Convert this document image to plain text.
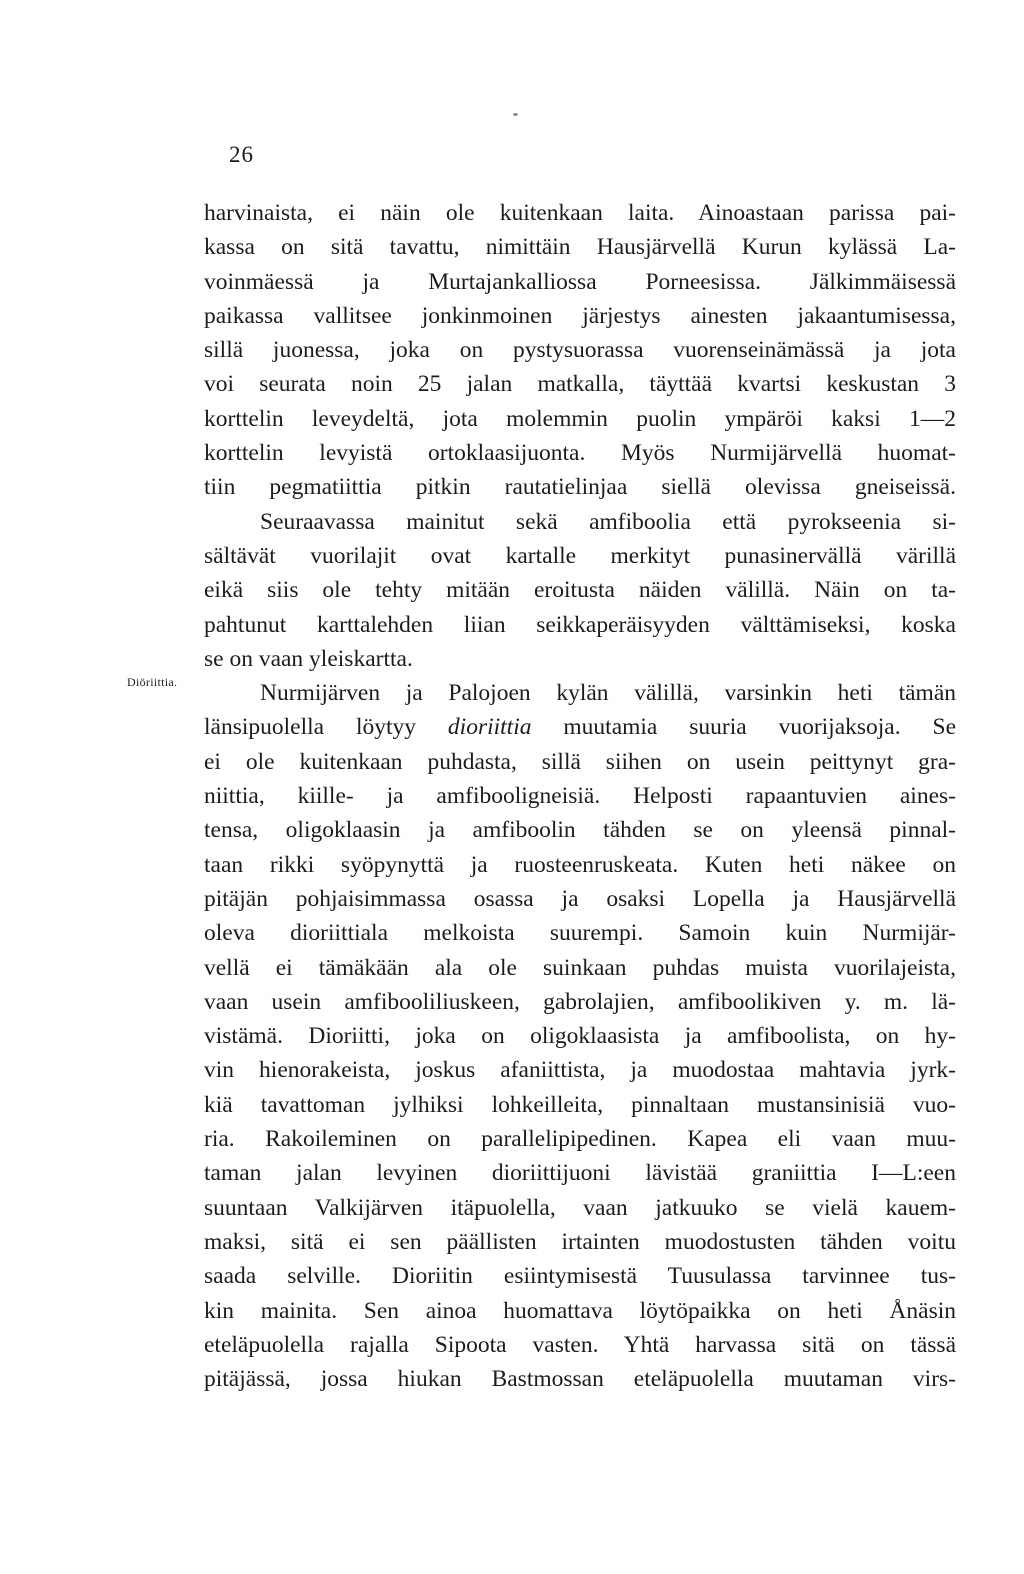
26
Diöriittia.
harvinaista, ei näin ole kuitenkaan laita. Ainoastaan parissa pai-
kassa on sitä tavattu, nimittäin Hausjärvellä Kurun kylässä La-
voinmäessä ja Murtajankalliossa Porneesissa. Jälkimmäisessä
paikassa vallitsee jonkinmoinen järjestys ainesten jakaantumisessa,
sillä juonessa, joka on pystysuorassa vuorenseinämässä ja jota
voi seurata noin 25 jalan matkalla, täyttää kvartsi keskustan 3
korttelin leveydeltä, jota molemmin puolin ympäröi kaksi 1—2
korttelin levyistä ortoklaasijuonta. Myös Nurmijärvellä huomat-
tiin pegmatiittia pitkin rautatielinjaa siellä olevissa gneiseissä.
Seuraavassa mainitut sekä amfiboolia että pyrokseenia si-
sältävät vuorilajit ovat kartalle merkityt punasinervällä värillä
eikä siis ole tehty mitään eroitusta näiden välillä. Näin on ta-
pahtunut karttalehden liian seikkaperäisyyden välttämiseksi, koska
se on vaan yleiskartta.
Nurmijärven ja Palojoen kylän välillä, varsinkin heti tämän
länsipuolella löytyy dioriittia muutamia suuria vuorijaksoja. Se
ei ole kuitenkaan puhdasta, sillä siihen on usein peittynyt gra-
niittia, kiille- ja amfibooligneisiä. Helposti rapaantuvien aines-
tensa, oligoklaasin ja amfiboolin tähden se on yleensä pinnal-
taan rikki syöpynyttä ja ruosteenruskeata. Kuten heti näkee on
pitäjän pohjaisimmassa osassa ja osaksi Lopella ja Hausjärvellä
oleva dioriittiala melkoista suurempi. Samoin kuin Nurmijär-
vellä ei tämäkään ala ole suinkaan puhdas muista vuorilajeista,
vaan usein amfibooliliuskeen, gabrolajien, amfiboolikiven y. m. lä-
vistämä. Dioriitti, joka on oligoklaasista ja amfiboolista, on hy-
vin hienorakeista, joskus afaniittista, ja muodostaa mahtavia jyrk-
kiä tavattoman jylhiksi lohkeilleita, pinnaltaan mustansinisiä vuo-
ria. Rakoileminen on parallelipipedinen. Kapea eli vaan muu-
taman jalan levyinen dioriittijuoni lävistää graniittia I—L:een
suuntaan Valkijärven itäpuolella, vaan jatkuuko se vielä kauem-
maksi, sitä ei sen päällisten irtainten muodostusten tähden voitu
saada selville. Dioriitin esiintymisestä Tuusulassa tarvinnee tus-
kin mainita. Sen ainoa huomattava löytöpaikka on heti Ånäsin
eteläpuolella rajalla Sipoota vasten. Yhtä harvassa sitä on tässä
pitäjässä, jossa hiukan Bastmossan eteläpuolella muutaman virs-
